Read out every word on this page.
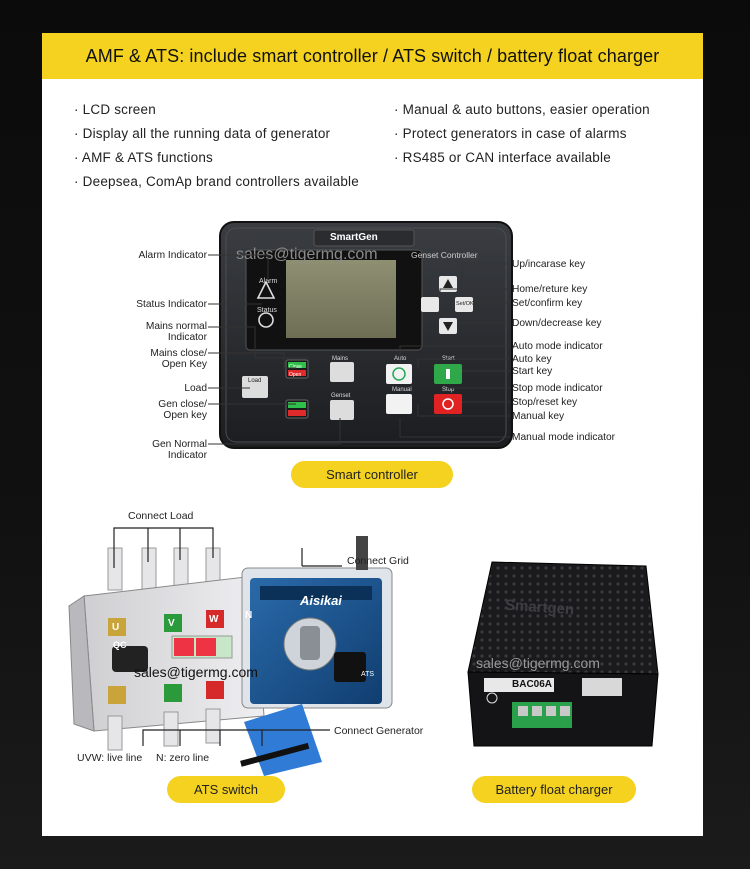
AMF & ATS: include smart controller / ATS switch / battery float charger
· LCD screen
· Display all the running data of generator
· AMF & ATS functions
· Deepsea, ComAp brand controllers available
· Manual & auto buttons, easier operation
· Protect generators in case of alarms
· RS485 or CAN interface available
SmartGen
Genset Controller
sales@tigermg.com
Alarm
Status
Load
Mains
Genset
Auto	Start
Manual	Stop
Set/OK
Close
Open
Alarm Indicator
Status Indicator
Mains normal
Indicator
Mains close/
Open Key
Load
Gen close/
Open key
Gen Normal
Indicator
Up/incarase key
Home/reture key
Set/confirm key
Down/decrease key
Auto mode indicator
Auto key
Start key
Stop mode indicator
Stop/reset key
Manual key
Manual mode indicator
Smart controller
Aisikai
sales@tigermg.com
QC
ATS
U	V	W	N
Connect Load
Connect Grid
Connect Generator
UVW: live line N: zero line
ATS switch
Smartgen
sales@tigermg.com
BAC06A
Battery float charger
